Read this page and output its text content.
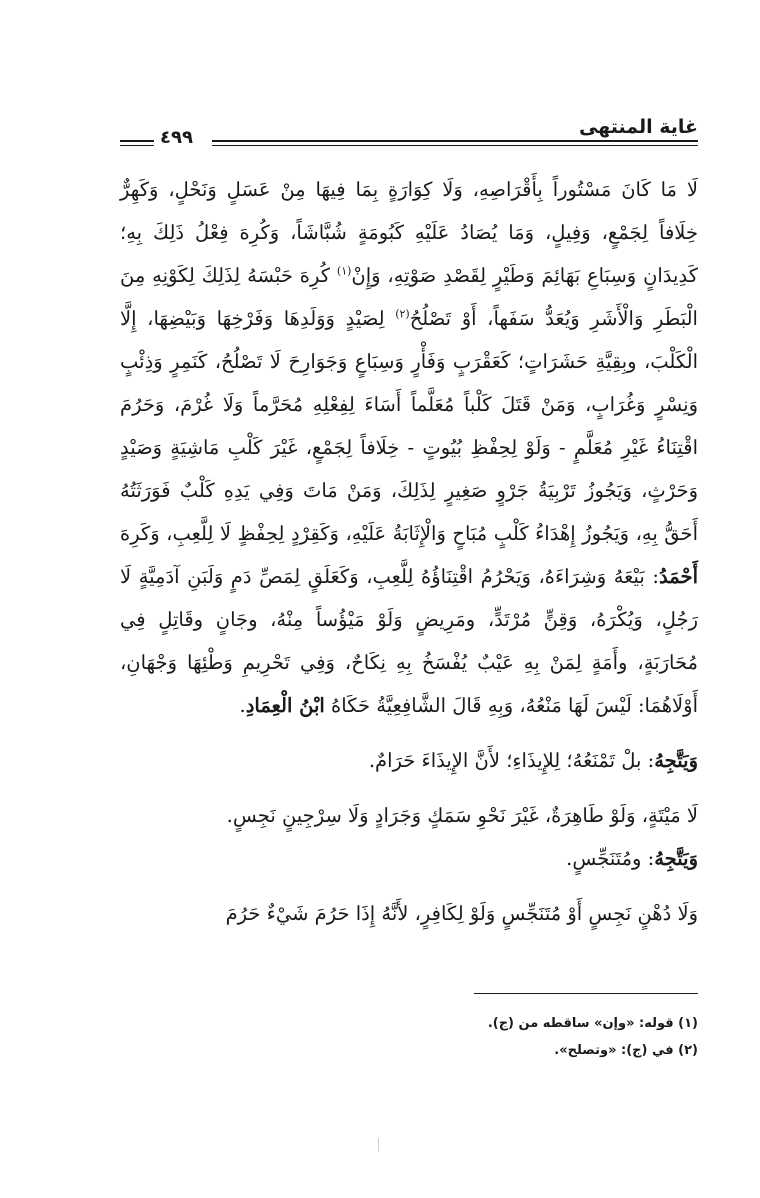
غاية المنتهى
٤٩٩

لَا مَا كَانَ مَسْتُوراً بِأَقْرَاصِهِ، وَلَا كِوَارَةٍ بِمَا فِيهَا مِنْ عَسَلٍ وَنَحْلٍ، وَكَهِرٌّ خِلَافاً لِجَمْعٍ، وَفِيلٍ، وَمَا يُصَادُ عَلَيْهِ كَبُومَةٍ شُبَّاشَاً، وَكُرِهَ فِعْلُ ذَلِكَ بِهِ؛ كَدِيدَانٍ وَسِبَاعِ بَهَائِمَ وَطَيْرٍ لِقَصْدِ صَوْتِهِ، وَإِنْ$^{(١)}$ كُرِهَ حَبْسَهُ لِذَلِكَ لِكَوْنِهِ مِنَ الْبَطَرِ وَالْأَشَرِ وَيُعَدُّ سَفَهاً، أَوْ تَصْلُحُ$^{(٢)}$ لِصَيْدٍ وَوَلَدِهَا وَفَرْخِهَا وَبَيْضِهَا، إِلَّا الْكَلْبَ، وبِقِيَّةِ حَشَرَاتٍ؛ كَعَقْرَبٍ وَفَأْرٍ وَسِبَاعٍ وَجَوَارِحَ لَا تَصْلُحُ، كَنَمِرٍ وَذِئْبٍ وَنِسْرٍ وَغُرَابٍ، وَمَنْ قَتَلَ كَلْباً مُعَلَّماً أَسَاءَ لِفِعْلِهِ مُحَرَّماً وَلَا غُرْمَ، وَحَرُمَ اقْتِنَاءُ غَيْرِ مُعَلَّمٍ - وَلَوْ لِحِفْظِ بُيُوتٍ - خِلَافاً لِجَمْعٍ، غَيْرَ كَلْبِ مَاشِيَةٍ وَصَيْدٍ وَحَرْثٍ، وَيَجُوزُ تَرْبِيَةُ جَرْوٍ صَغِيرٍ لِذَلِكَ، وَمَنْ مَاتَ وَفِي يَدِهِ كَلْبٌ فَوَرَثَتُهُ أَحَقُّ بِهِ، وَيَجُوزُ إِهْدَاءُ كَلْبٍ مُبَاحٍ وَالْإِثَابَةُ عَلَيْهِ، وَكَقِرْدٍ لِحِفْظٍ لَا لِلَّعِبِ، وَكَرِهَ أَحْمَدُ: بَيْعَهُ وَشِرَاءَهُ، وَيَحْرُمُ اقْتِنَاؤُهُ لِلَّعِبِ، وَكَعَلَقٍ لِمَصِّ دَمٍ وَلَبَنِ آدَمِيَّةٍ لَا رَجُلٍ، وَيُكْرَهُ، وَقِنٍّ مُرْتَدٍّ، ومَرِيضٍ وَلَوْ مَيْؤُساً مِنْهُ، وجَانٍ وقَاتِلٍ فِي مُحَارَبَةٍ، وأَمَةٍ لِمَنْ بِهِ عَيْبٌ يُفْسَخُ بِهِ نِكَاحٌ، وَفِي تَحْرِيمِ وَطْئِهَا وَجْهَانِ، أَوْلَاهُمَا: لَيْسَ لَهَا مَنْعُهُ، وَبِهِ قَالَ الشَّافِعِيَّةُ حَكَاهُ ابْنُ الْعِمَادِ.

وَيَتَّجِهُ: بلْ تَمْنَعُهُ؛ لِلإِيذَاءِ؛ لأَنَّ الإِيذَاءَ حَرَامٌ.

لَا مَيْتَةٍ، وَلَوْ طَاهِرَةٌ، غَيْرَ نَحْوِ سَمَكٍ وَجَرَادٍ وَلَا سِرْجِينٍ نَجِسٍ.

وَيَتَّجِهُ: ومُتَنَجِّسٍ.

وَلَا دُهْنٍ نَجِسٍ أَوْ مُتَنَجِّسٍ وَلَوْ لِكَافِرٍ، لأَنَّهُ إِذَا حَرُمَ شَيْءٌ حَرُمَ

(١) قوله: «وإن» ساقطه من (ج).
(٢) في (ج): «وتصلح».
